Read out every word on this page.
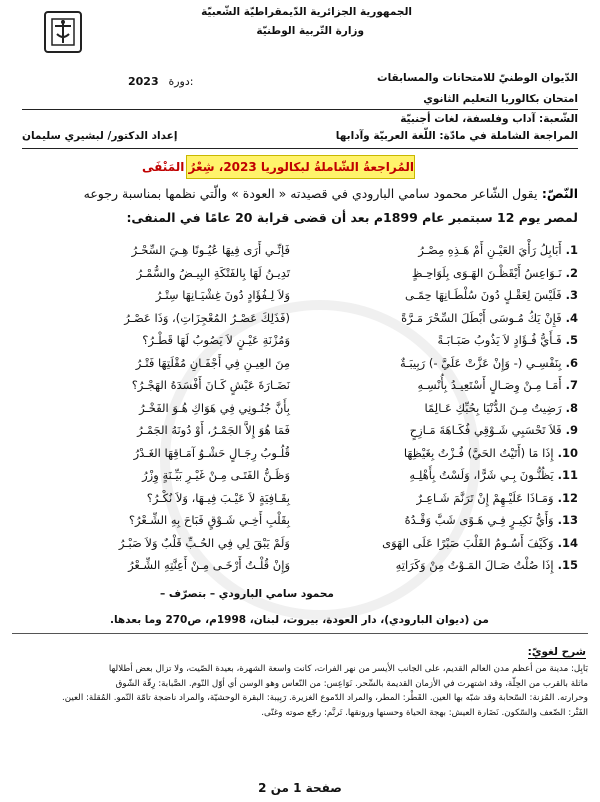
الجمهورية الجزائرية الدّيمقراطيّة الشّعبيّة
وزارة التّربية الوطنيّة
الدّيوان الوطنيّ للامتحانات والمسابقات
امتحان بكالوريا التعليم الثانوي
الشّعبة: آداب وفلسفة، لغات أجنبيّة
2023 دورة:
المراجعة الشاملة في مادّة: اللّغة العربيّة وآدابها
إعداد الدكتور/ لبشيري سليمان
المُراجعةُ الشّاملةُ لبكالوريا 2023، شِعْرُ المَنْفَى
النّصّ: يقول الشّاعر محمود سامي البارودي في قصيدته « العودة » والّتي نظمها بمناسبة رجوعه
لمصر يوم 12 سبتمبر عام 1899م بعد أن قضى قرابة 20 عامًا في المنفى:
1.أَبَابِلُ رَأْيَ العَيْـنِ أَمْ هَـذِهِ مِصْـرُ
فَإنِّـي أَرَى فِيهَا عُيُـونًا هِـيَ السِّحْـرُ
2.نَـوَاعِسُ أَيْقَظْـنَ الهَـوَى بِلَوَاحِـظٍ
تَدِيـنُ لَهَا بِالفَتْكَةِ البِيـضُ والسُّمْـرُ
3.فَلَيْسَ لِعَقْـلٍ دُونَ سُلْطَـانِهَا حِمًـى
وَلاَ لِـفُؤَادٍ دُونَ غِشْيَـانِهَا سِتْـرُ
4.فَإِنْ يَكُ مُـوسَى أَبْطَلَ السِّحْرَ مَـرَّةً
(فَذَلِكَ عَصْـرُ المُعْجِزَاتِ)، وَذَا عَصْـرُ
5.فَـأَيُّ فُـؤَادٍ لاَ يَذُوبُ صَبَـابَـةً
وَمُزْنَةِ عَيْـنٍ لاَ يَصُوبُ لَهَا قَطْـرُ؟
6.بِنَفْسِـي (- وَإِنْ عَزَّتْ عَلَيَّ -) رَبِيبَـةٌ
مِنَ العِيـنِ فِي أَجْفَـانِ مُقْلَتِهَا فَتْـرُ
7.أَمَـا مِـنْ وِصَـالٍ أَسْتَعِيـدُ بِأُنْسِـهِ
نَضَـارَةَ عَيْشٍ كَـانَ أَفْسَدَهُ الهَجْـرُ؟
8.رَضِيتُ مِـنَ الدُّنْيَا بِحُبِّكِ عَـالِمًا
بِأَنَّ جُنُـونِي فِي هَوَاكِ هُـوَ الفَخْـرُ
9.فَلاَ تَحْسَبِي شَـوْقِي فُكَـاهَةَ مَـازِحٍ
فَمَا هُوَ إِلاَّ الجَمْـرُ، أَوْ دُونَهُ الجَمْـرُ
10.إِذَا مَا (أَتَيْتُ الحَيَّ) فُـزْتُ بِغَيْظِهَا
قُلُـوبُ رِجَـالٍ حَشْـوُ آمَـاقِهَا الغَـدْرُ
11.يَظُنُّـونَ بِـي شَرًّا، وَلَسْتُ بِأَهْلِـهِ
وَظَـنُّ الفَتَـى مِـنْ غَيْـرِ بَيِّـنَةٍ وِزْرُ
12.وَمَـاذَا عَلَيْـهِمْ إِنْ تَرَنَّمَ شَـاعِـرٌ
بِقَـافِيَةٍ لاَ عَيْـبَ فِيـهَا، وَلاَ نُكْـرُ؟
13.وَأَيُّ نَكِيـرٍ فِـي هَـوًى شَبَّ وَقْـدُهُ
بِقَلْبِ أَخِـي شَـوْقٍ فَبَاحَ بِهِ الشِّـعْرُ؟
14.وَكَيْفَ أَسُـومُ القَلْبَ صَبْرًا عَلَى الهَوَى
وَلَمْ يَبْقَ لِي فِي الحُـبِّ قَلْبٌ وَلاَ صَبْـرُ
15.إِذَا صُلْتُ صَـالَ المَـوْتُ مِنْ وَكَرَاتِهِ
وَإِنْ قُلْـتُ أَرْخَـى مِـنْ أَعِنَّتِهِ الشِّـعْرُ
محمود سامي البارودي – بتصرّف –
من (ديوان البارودي)، دار العودة، بيروت، لبنان، 1998م، ص270 وما بعدها.
شرح لغويّ:
بَابِل: مدينة من أعظم مدن العالم القديم، على الجانب الأيسر من نهر الفرات، كانت واسعة الشهرة، بعيدة الصّيت، ولا تزال بعض أطلالها
ماثلة بالقرب من الحِلّة، وقد اشتهرت في الأزمان القديمة بالسِّحر. نَوَاعِس: من النّعاس وهو الوسن أي أوّل النّوم. الصَّبابة: رِقّة الشّوق
وحرارته. المُزنة: السّحابة وقد شبّه بها العين. القَطْر: المطر، والمراد الدّموع الغزيرة. رَبِيبة: البقرة الوحشيّة، والمراد ناضجة تامّة النّمو. المُقلة: العين.
الفَتْر: الضّعف والسّكون. نَضَارة العيش: بهجة الحياة وحسنها ورونقها. تَرنَّم: رجّع صوته وغنّى.
صفحة 1 من 2
